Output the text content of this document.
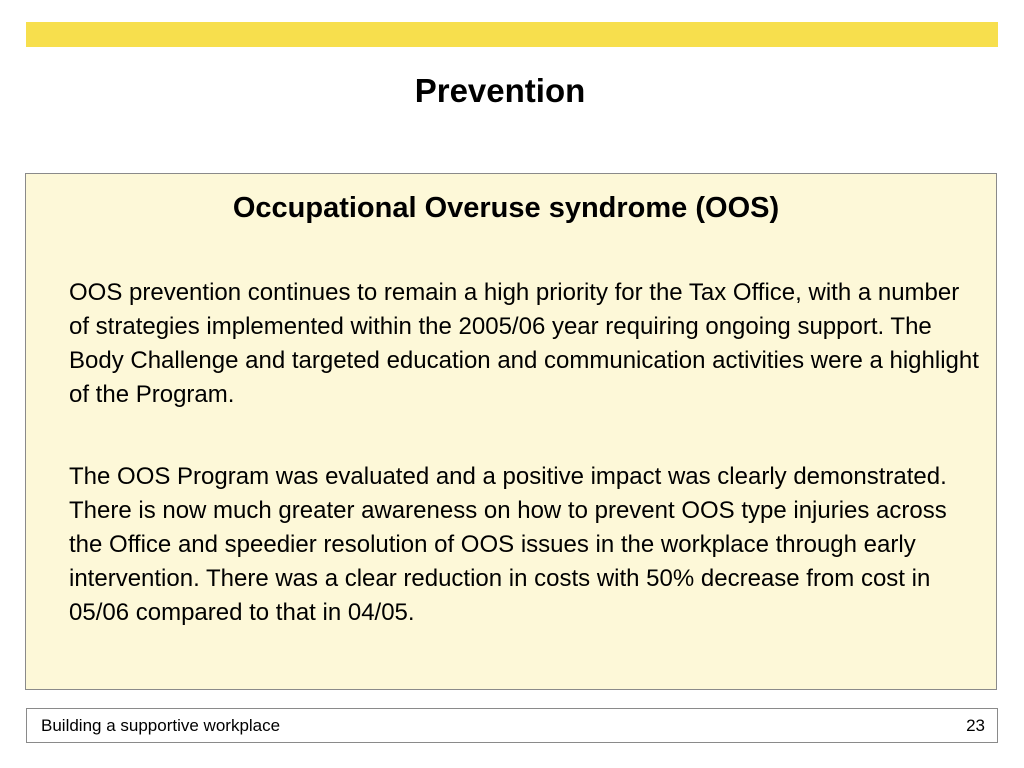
Prevention
Occupational Overuse syndrome (OOS)

OOS prevention continues to remain a high priority for the Tax Office, with a number of strategies implemented within the 2005/06 year requiring ongoing support. The Body Challenge and targeted education and communication activities were a highlight of the Program.

The OOS Program was evaluated and a positive impact was clearly demonstrated. There is now much greater awareness on how to prevent OOS type injuries across the Office and speedier resolution of OOS issues in the workplace through early intervention. There was a clear reduction in costs with 50% decrease from cost in 05/06 compared to that in 04/05.

Building a supportive workplace	23
